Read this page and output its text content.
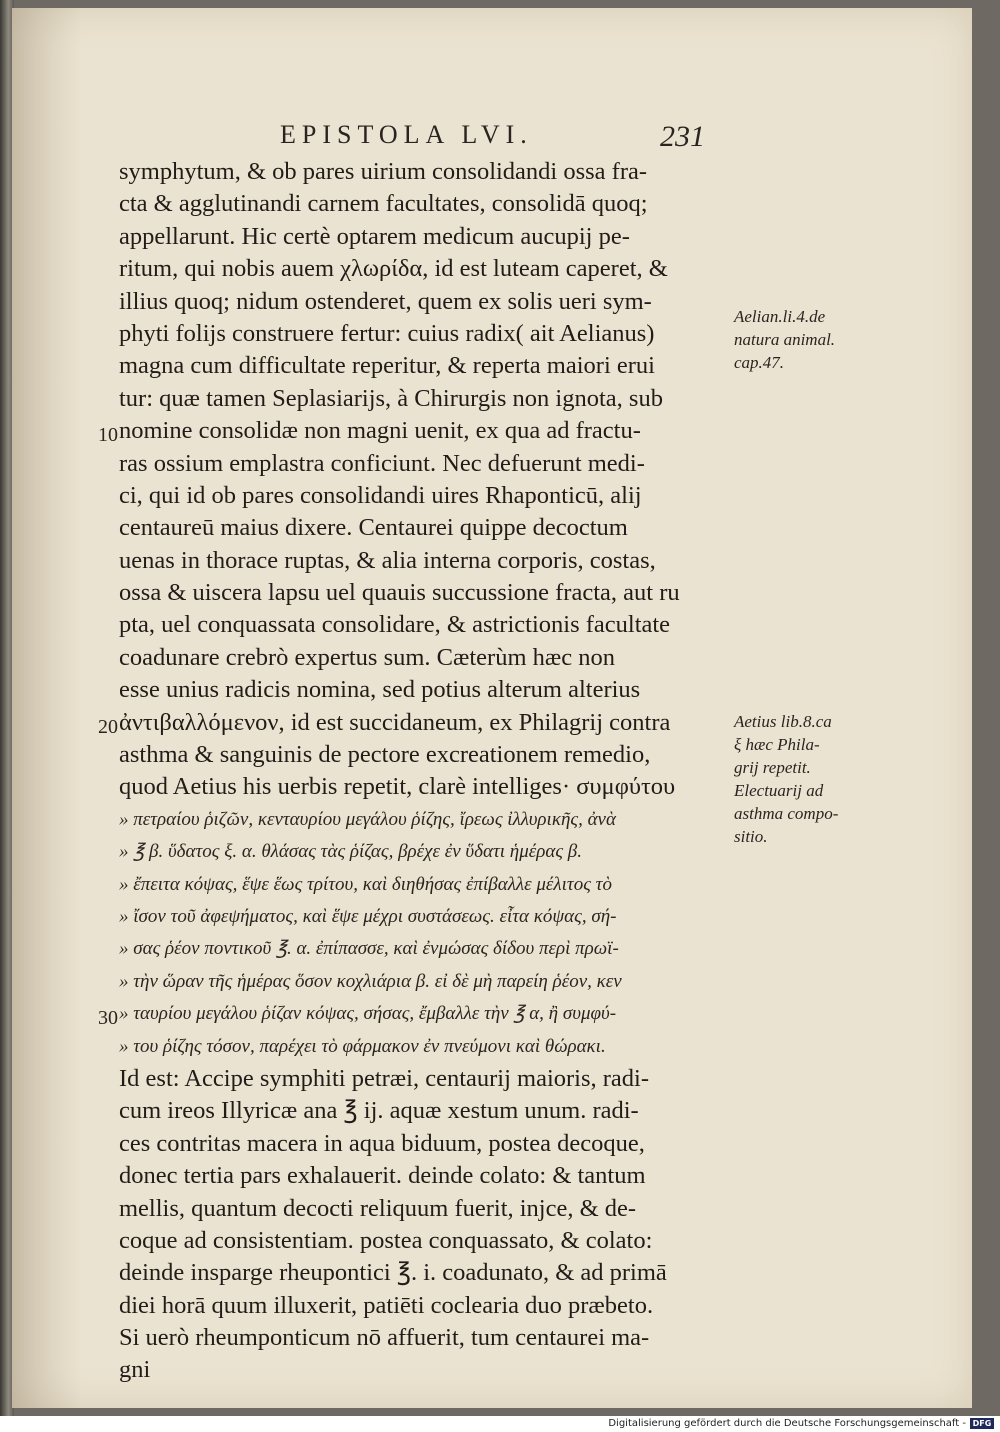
EPISTOLA LVI.	231
symphytum, & ob pares uirium consolidandi ossa fra-
cta & agglutinandi carnem facultates, consolidā quoq;
appellarunt. Hic certè optarem medicum aucupij pe-
ritum, qui nobis auem χλωρίδα, id est luteam caperet, &
illius quoq; nidum ostenderet, quem ex solis ueri sym-
phyti folijs construere fertur: cuius radix( ait Aelianus)
magna cum difficultate reperitur, & reperta maiori erui
tur: quæ tamen Seplasiarijs, à Chirurgis non ignota, sub
nomine consolidæ non magni uenit, ex qua ad fractu-
ras ossium emplastra conficiunt. Nec defuerunt medi-
ci, qui id ob pares consolidandi uires Rhaponticū, alij
centaureū maius dixere. Centaurei quippe decoctum
uenas in thorace ruptas, & alia interna corporis, costas,
ossa & uiscera lapsu uel quauis succussione fracta, aut ru
pta, uel conquassata consolidare, & astrictionis facultate
coadunare crebrò expertus sum. Cæterùm hæc non
esse unius radicis nomina, sed potius alterum alterius
ἀντιβαλλόμενον, id est succidaneum, ex Philagrij contra
asthma & sanguinis de pectore excreationem remedio,
quod Aetius his uerbis repetit, clarè intelliges· συμφύτου
» πετραίου ῥιζῶν, κενταυρίου μεγάλου ῥίζης, ἴρεως ἰλλυρικῆς, ἀνὰ
» ℥ β. ὕδατος ξ. α. θλάσας τὰς ῥίζας, βρέχε ἐν ὕδατι ἡμέρας β.
» ἔπειτα κόψας, ἕψε ἕως τρίτου, καὶ διηθήσας ἐπίβαλλε μέλιτος τὸ
» ἴσον τοῦ ἀφεψήματος, καὶ ἕψε μέχρι συστάσεως. εἶτα κόψας, σή-
» σας ῥέον ποντικοῦ ℥. α. ἐπίπασσε, καὶ ἐνμώσας δίδου περὶ πρωϊ-
» τὴν ὥραν τῆς ἡμέρας ὅσον κοχλιάρια β. εἰ δὲ μὴ παρείη ῥέον, κεν
» ταυρίου μεγάλου ῥίζαν κόψας, σήσας, ἔμβαλλε τὴν ℥ α, ἢ συμφύ-
» του ῥίζης τόσον, παρέχει τὸ φάρμακον ἐν πνεύμονι καὶ θώρακι.
Id est: Accipe symphiti petræi, centaurij maioris, radi-
cum ireos Illyricæ ana ℥ ij. aquæ xestum unum. radi-
ces contritas macera in aqua biduum, postea decoque,
donec tertia pars exhalauerit. deinde colato: & tantum
mellis, quantum decocti reliquum fuerit, injce, & de-
coque ad consistentiam. postea conquassato, & colato:
deinde insparge rheupontici ℥. i. coadunato, & ad primā
diei horā quum illuxerit, patiēti coclearia duo præbeto.
Si uerò rheumponticum nō affuerit, tum centaurei ma-
gni
10
20
30
Aelian.li.4.de
natura animal.
cap.47.
Aetius lib.8.ca
ξ hæc Phila-
grij repetit.
Electuarij ad
asthma compo-
sitio.
Digitalisierung gefördert durch die Deutsche Forschungsgemeinschaft - DFG
